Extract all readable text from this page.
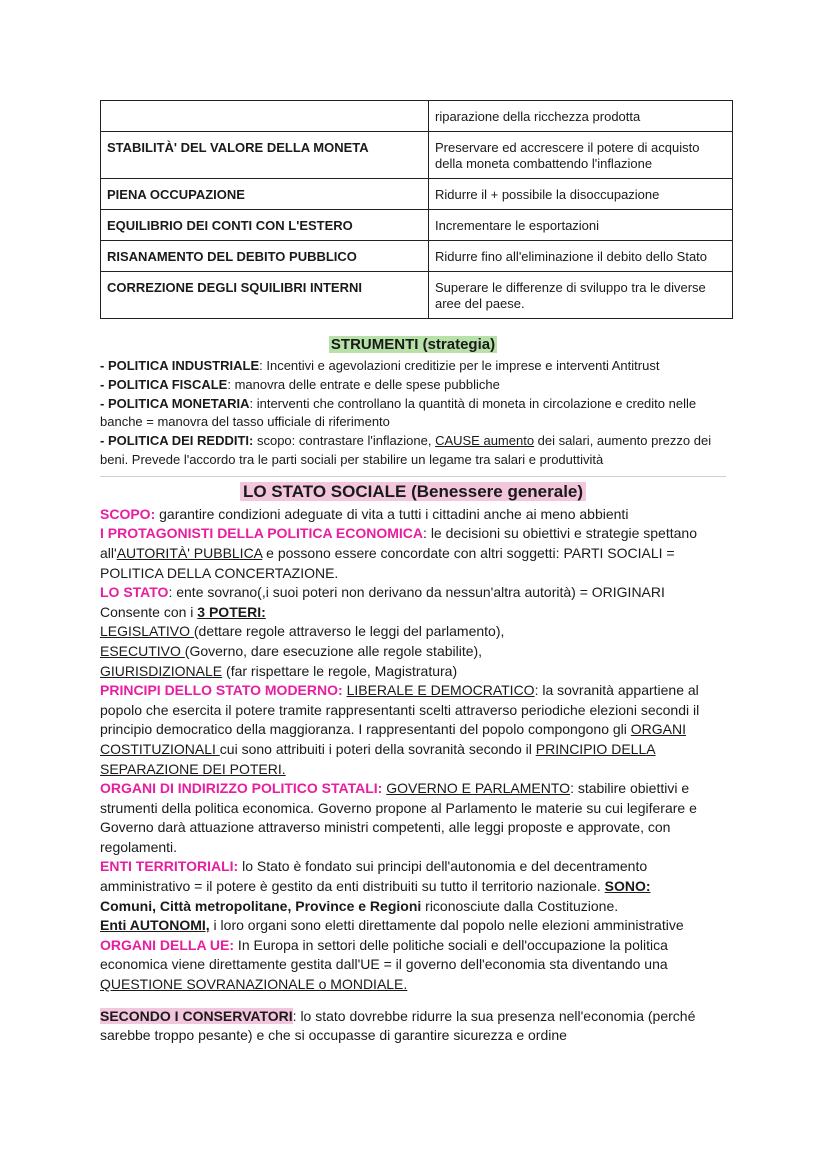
	riparazione della ricchezza prodotta
STABILITÀ' DEL VALORE DELLA MONETA	Preservare ed accrescere il potere di acquisto della moneta combattendo l'inflazione
PIENA OCCUPAZIONE	Ridurre il + possibile la disoccupazione
EQUILIBRIO DEI CONTI CON L'ESTERO	Incrementare le esportazioni
RISANAMENTO DEL DEBITO PUBBLICO	Ridurre fino all'eliminazione il debito dello Stato
CORREZIONE DEGLI SQUILIBRI INTERNI	Superare le differenze di sviluppo tra le diverse aree del paese.
STRUMENTI (strategia)

- POLITICA INDUSTRIALE: Incentivi e agevolazioni creditizie per le imprese e interventi Antitrust
- POLITICA FISCALE: manovra delle entrate e delle spese pubbliche
- POLITICA MONETARIA: interventi che controllano la quantità di moneta in circolazione e credito nelle banche = manovra del tasso ufficiale di riferimento
- POLITICA DEI REDDITI: scopo: contrastare l'inflazione, CAUSE aumento dei salari, aumento prezzo dei beni. Prevede l'accordo tra le parti sociali per stabilire un legame tra salari e produttività

LO STATO SOCIALE (Benessere generale)

SCOPO: garantire condizioni adeguate di vita a tutti i cittadini anche ai meno abbienti
I PROTAGONISTI DELLA POLITICA ECONOMICA: le decisioni su obiettivi e strategie spettano all'AUTORITÀ' PUBBLICA e possono essere concordate con altri soggetti: PARTI SOCIALI = POLITICA DELLA CONCERTAZIONE.
LO STATO: ente sovrano(,i suoi poteri non derivano da nessun'altra autorità) = ORIGINARI
Consente con i 3 POTERI:
LEGISLATIVO (dettare regole attraverso le leggi del parlamento),
ESECUTIVO (Governo, dare esecuzione alle regole stabilite),
GIURISDIZIONALE (far rispettare le regole, Magistratura)
PRINCIPI DELLO STATO MODERNO: LIBERALE E DEMOCRATICO: la sovranità appartiene al popolo che esercita il potere tramite rappresentanti scelti attraverso periodiche elezioni secondi il principio democratico della maggioranza. I rappresentanti del popolo compongono gli ORGANI COSTITUZIONALI cui sono attribuiti i poteri della sovranità secondo il PRINCIPIO DELLA SEPARAZIONE DEI POTERI.
ORGANI DI INDIRIZZO POLITICO STATALI: GOVERNO E PARLAMENTO: stabilire obiettivi e strumenti della politica economica. Governo propone al Parlamento le materie su cui legiferare e Governo darà attuazione attraverso ministri competenti, alle leggi proposte e approvate, con regolamenti.
ENTI TERRITORIALI: lo Stato è fondato sui principi dell'autonomia e del decentramento amministrativo = il potere è gestito da enti distribuiti su tutto il territorio nazionale. SONO:
Comuni, Città metropolitane, Province e Regioni riconosciute dalla Costituzione.
Enti AUTONOMI, i loro organi sono eletti direttamente dal popolo nelle elezioni amministrative
ORGANI DELLA UE: In Europa in settori delle politiche sociali e dell'occupazione la politica economica viene direttamente gestita dall'UE = il governo dell'economia sta diventando una QUESTIONE SOVRANAZIONALE o MONDIALE.

SECONDO I CONSERVATORI: lo stato dovrebbe ridurre la sua presenza nell'economia (perché sarebbe troppo pesante) e che si occupasse di garantire sicurezza e ordine
